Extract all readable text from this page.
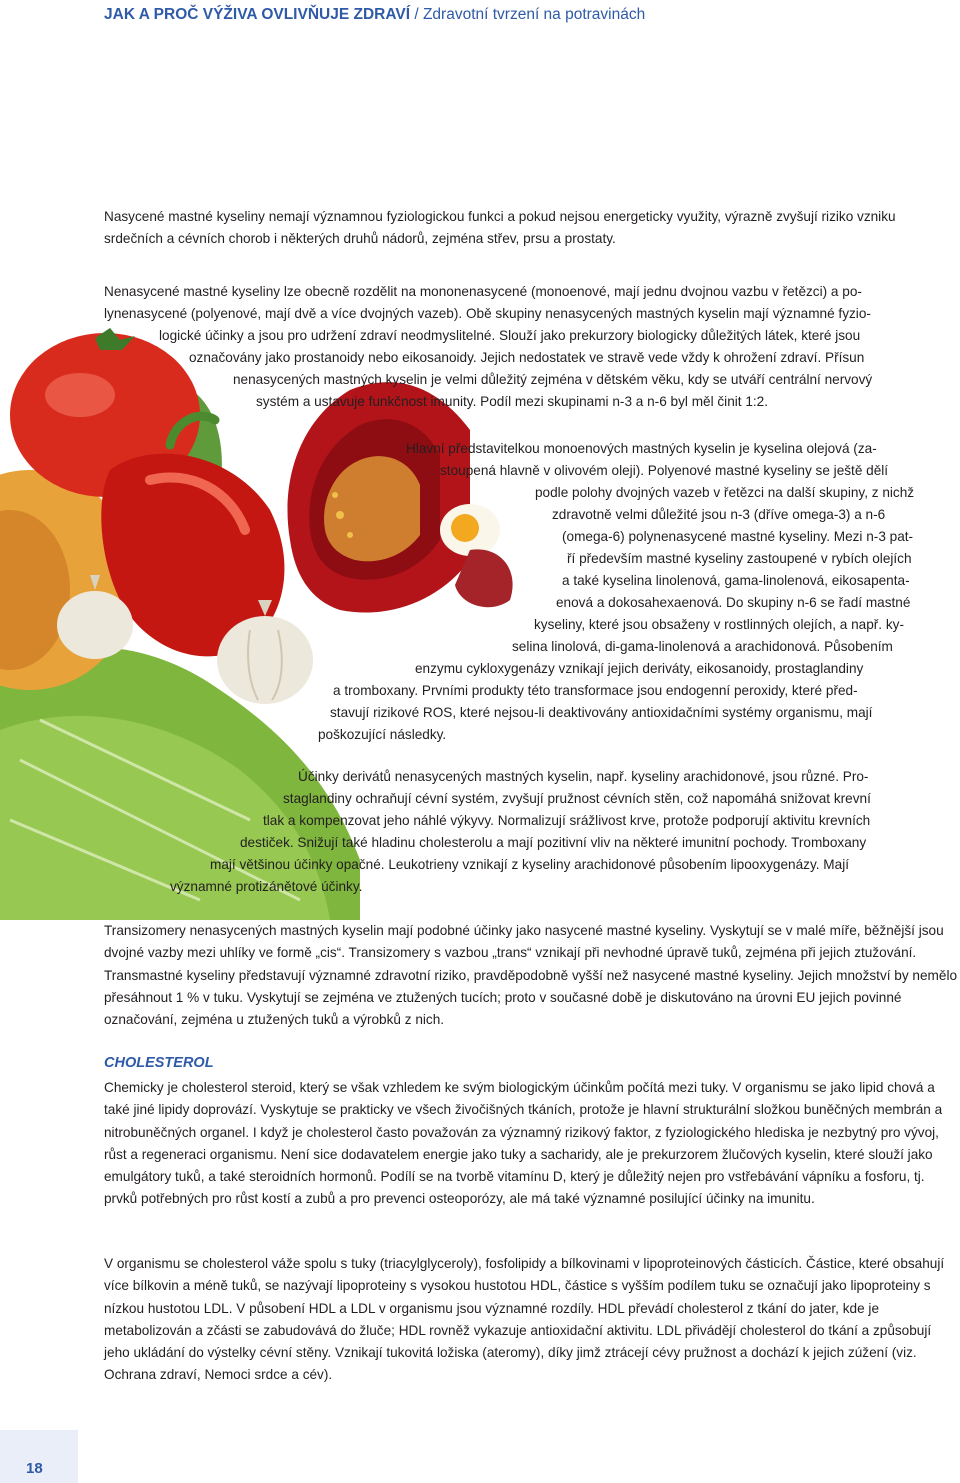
JAK A PROČ VÝŽIVA OVLIVŇUJE ZDRAVÍ / Zdravotní tvrzení na potravinách

Nasycené mastné kyseliny nemají významnou fyziologickou funkci a pokud nejsou energeticky využity, výrazně zvyšují riziko vzniku srdečních a cévních chorob i některých druhů nádorů, zejména střev, prsu a prostaty.

Nenasycené mastné kyseliny lze obecně rozdělit na mononenasycené (monoenové, mají jednu dvojnou vazbu v řetězci) a po-
lynenasycené (polyenové, mají dvě a více dvojných vazeb). Obě skupiny nenasycených mastných kyselin mají významné fyzio-
logické účinky a jsou pro udržení zdraví neodmyslitelné. Slouží jako prekurzory biologicky důležitých látek, které jsou
označovány jako prostanoidy nebo eikosanoidy. Jejich nedostatek ve stravě vede vždy k ohrožení zdraví. Přísun
nenasycených mastných kyselin je velmi důležitý zejména v dětském věku, kdy se utváří centrální nervový
systém a ustavuje funkčnost imunity. Podíl mezi skupinami n-3 a n-6 byl měl činit 1:2.
Hlavní představitelkou monoenových mastných kyselin je kyselina olejová (za-
stoupená hlavně v olivovém oleji). Polyenové mastné kyseliny se ještě dělí
podle polohy dvojných vazeb v řetězci na další skupiny, z nichž
zdravotně velmi důležité jsou n-3 (dříve omega-3) a n-6
(omega-6) polynenasycené mastné kyseliny. Mezi n-3 pat-
ří především mastné kyseliny zastoupené v rybích olejích
a také kyselina linolenová, gama-linolenová, eikosapenta-
enová a dokosahexaenová. Do skupiny n-6 se řadí mastné
kyseliny, které jsou obsaženy v rostlinných olejích, a např. ky-
selina linolová, di-gama-linolenová a arachidonová. Působením
enzymu cykloxygenázy vznikají jejich deriváty, eikosanoidy, prostaglandiny
a tromboxany. Prvními produkty této transformace jsou endogenní peroxidy, které před-
stavují rizikové ROS, které nejsou-li deaktivovány antioxidačními systémy organismu, mají
poškozující následky.
Účinky derivátů nenasycených mastných kyselin, např. kyseliny arachidonové, jsou různé. Pro-
staglandiny ochraňují cévní systém, zvyšují pružnost cévních stěn, což napomáhá snižovat krevní
tlak a kompenzovat jeho náhlé výkyvy. Normalizují srážlivost krve, protože podporují aktivitu krevních
destiček. Snižují také hladinu cholesterolu a mají pozitivní vliv na některé imunitní pochody. Tromboxany
mají většinou účinky opačné. Leukotrieny vznikají z kyseliny arachidonové působením lipooxygenázy. Mají
významné protizánětové účinky.

Transizomery nenasycených mastných kyselin mají podobné účinky jako nasycené mastné kyseliny. Vyskytují se v malé míře, běžnější jsou dvojné vazby mezi uhlíky ve formě „cis“. Transizomery s vazbou „trans“ vznikají při nevhodné úpravě tuků, zejména při jejich ztužování. Transmastné kyseliny představují významné zdravotní riziko, pravděpodobně vyšší než nasycené mastné kyseliny. Jejich množství by nemělo přesáhnout 1 % v tuku. Vyskytují se zejména ve ztužených tucích; proto v současné době je diskutováno na úrovni EU jejich povinné označování, zejména u ztužených tuků a výrobků z nich.

CHOLESTEROL

Chemicky je cholesterol steroid, který se však vzhledem ke svým biologickým účinkům počítá mezi tuky. V organismu se jako lipid chová a také jiné lipidy doprovází. Vyskytuje se prakticky ve všech živočišných tkáních, protože je hlavní strukturální složkou buněčných membrán a nitrobuněčných organel. I když je cholesterol často považován za významný rizikový faktor, z fyziologického hlediska je nezbytný pro vývoj, růst a regeneraci organismu. Není sice dodavatelem energie jako tuky a sacharidy, ale je prekurzorem žlučových kyselin, které slouží jako emulgátory tuků, a také steroidních hormonů. Podílí se na tvorbě vitamínu D, který je důležitý nejen pro vstřebávání vápníku a fosforu, tj. prvků potřebných pro růst kostí a zubů a pro prevenci osteoporózy, ale má také významné posilující účinky na imunitu.

V organismu se cholesterol váže spolu s tuky (triacylglyceroly), fosfolipidy a bílkovinami v lipoproteinových částicích. Částice, které obsahují více bílkovin a méně tuků, se nazývají lipoproteiny s vysokou hustotou HDL, částice s vyšším podílem tuku se označují jako lipoproteiny s nízkou hustotou LDL. V působení HDL a LDL v organismu jsou významné rozdíly. HDL převádí cholesterol z tkání do jater, kde je metabolizován a zčásti se zabudovává do žluče; HDL rovněž vykazuje antioxidační aktivitu. LDL přivádějí cholesterol do tkání a způsobují jeho ukládání do výstelky cévní stěny. Vznikají tukovitá ložiska (ateromy), díky jimž ztrácejí cévy pružnost a dochází k jejich zúžení (viz. Ochrana zdraví, Nemoci srdce a cév).

18
